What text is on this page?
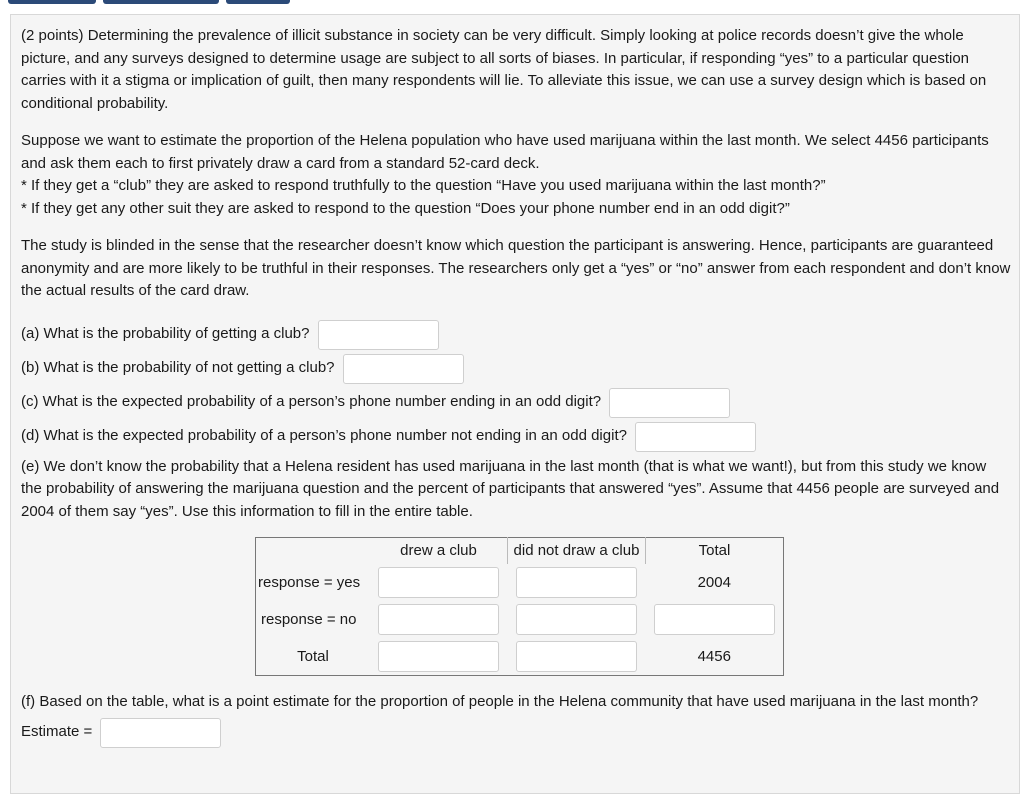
(2 points) Determining the prevalence of illicit substance in society can be very difficult. Simply looking at police records doesn’t give the whole picture, and any surveys designed to determine usage are subject to all sorts of biases. In particular, if responding “yes” to a particular question carries with it a stigma or implication of guilt, then many respondents will lie. To alleviate this issue, we can use a survey design which is based on conditional probability.

Suppose we want to estimate the proportion of the Helena population who have used marijuana within the last month. We select 4456 participants and ask them each to first privately draw a card from a standard 52-card deck.

* If they get a “club” they are asked to respond truthfully to the question “Have you used marijuana within the last month?”

* If they get any other suit they are asked to respond to the question “Does your phone number end in an odd digit?”

The study is blinded in the sense that the researcher doesn’t know which question the participant is answering. Hence, participants are guaranteed anonymity and are more likely to be truthful in their responses. The researchers only get a “yes” or “no” answer from each respondent and don’t know the actual results of the card draw.

(a) What is the probability of getting a club?
(b) What is the probability of not getting a club?
(c) What is the expected probability of a person’s phone number ending in an odd digit?
(d) What is the expected probability of a person’s phone number not ending in an odd digit?

(e) We don’t know the probability that a Helena resident has used marijuana in the last month (that is what we want!), but from this study we know the probability of answering the marijuana question and the percent of participants that answered “yes”. Assume that 4456 people are surveyed and 2004 of them say “yes”. Use this information to fill in the entire table.

	drew a club	did not draw a club	Total
response = yes			2004
response = no	

Total			4456

(f) Based on the table, what is a point estimate for the proportion of people in the Helena community that have used marijuana in the last month?

Estimate =
